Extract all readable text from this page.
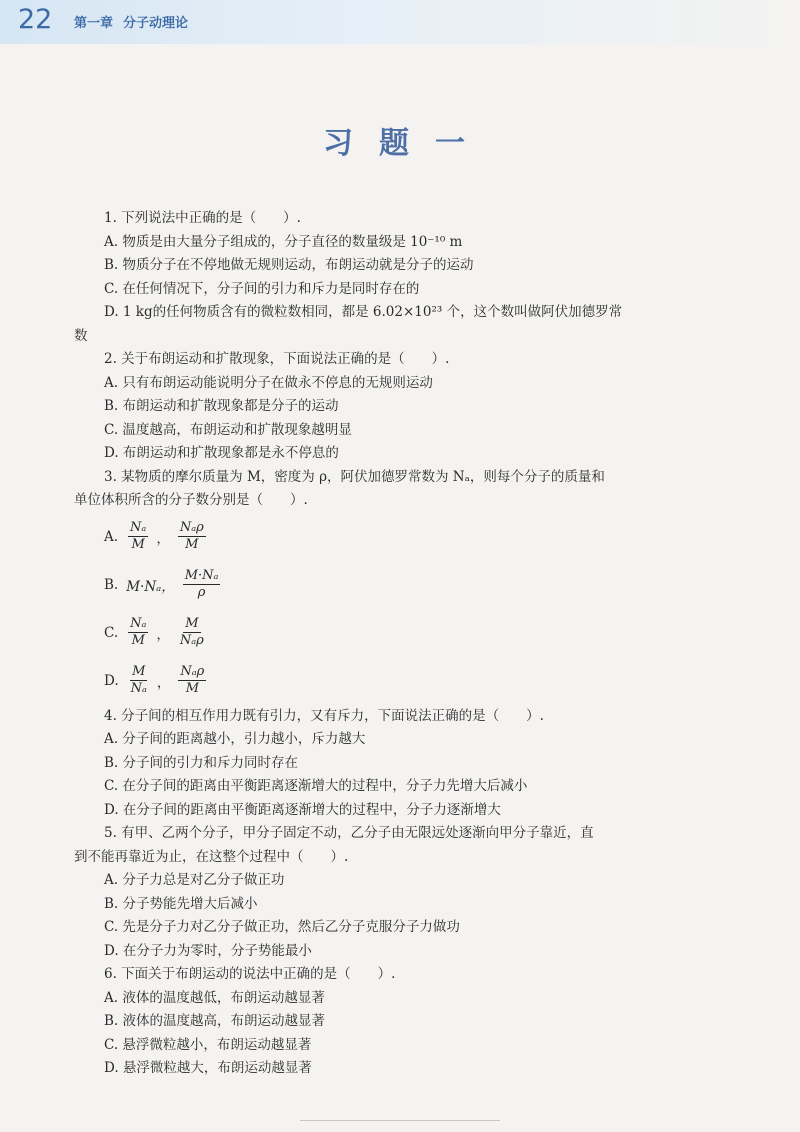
22 第一章 分子动理论
习题一
1. 下列说法中正确的是（　　）.
A. 物质是由大量分子组成的，分子直径的数量级是 10⁻¹⁰ m
B. 物质分子在不停地做无规则运动，布朗运动就是分子的运动
C. 在任何情况下，分子间的引力和斥力是同时存在的
D. 1 kg的任何物质含有的微粒数相同，都是 6.02×10²³ 个，这个数叫做阿伏加德罗常
数
2. 关于布朗运动和扩散现象，下面说法正确的是（　　）.
A. 只有布朗运动能说明分子在做永不停息的无规则运动
B. 布朗运动和扩散现象都是分子的运动
C. 温度越高，布朗运动和扩散现象越明显
D. 布朗运动和扩散现象都是永不停息的
3. 某物质的摩尔质量为 M，密度为 ρ，阿伏加德罗常数为 Nₐ，则每个分子的质量和
单位体积所含的分子数分别是（　　）.
A. $\frac{\text{Nₐ}}{M}$ ， $\frac{\text{Nₐρ}}{M}$
B. M·Nₐ， $\frac{\text{M·Nₐ}}{\rho}$
C. $\frac{\text{Nₐ}}{M}$ ， $\frac{M}{\text{Nₐρ}}$
D. $\frac{M}{\text{Nₐ}}$ ， $\frac{\text{Nₐρ}}{M}$
4. 分子间的相互作用力既有引力，又有斥力，下面说法正确的是（　　）.
A. 分子间的距离越小，引力越小，斥力越大
B. 分子间的引力和斥力同时存在
C. 在分子间的距离由平衡距离逐渐增大的过程中，分子力先增大后减小
D. 在分子间的距离由平衡距离逐渐增大的过程中，分子力逐渐增大
5. 有甲、乙两个分子，甲分子固定不动，乙分子由无限远处逐渐向甲分子靠近，直
到不能再靠近为止，在这整个过程中（　　）.
A. 分子力总是对乙分子做正功
B. 分子势能先增大后减小
C. 先是分子力对乙分子做正功，然后乙分子克服分子力做功
D. 在分子力为零时，分子势能最小
6. 下面关于布朗运动的说法中正确的是（　　）.
A. 液体的温度越低，布朗运动越显著
B. 液体的温度越高，布朗运动越显著
C. 悬浮微粒越小，布朗运动越显著
D. 悬浮微粒越大，布朗运动越显著
